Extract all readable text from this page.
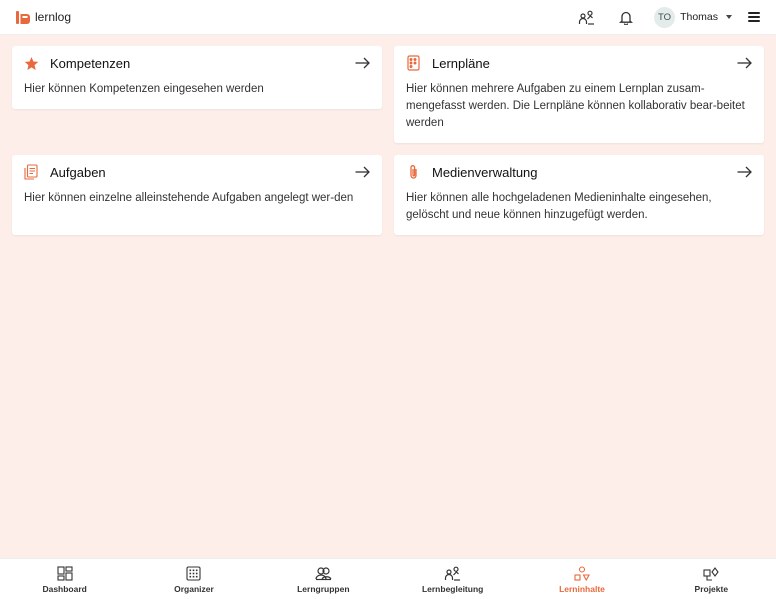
lernlog	TO Thomas
Kompetenzen

Hier können Kompetenzen eingesehen werden

Lernpläne

Hier können mehrere Aufgaben zu einem Lernplan zusam-mengefasst werden. Die Lernpläne können kollaborativ bear-beitet werden

Aufgaben

Hier können einzelne alleinstehende Aufgaben angelegt wer-den

Medienverwaltung

Hier können alle hochgeladenen Medieninhalte eingesehen, gelöscht und neue können hinzugefügt werden.

Dashboard	Organizer	Lerngruppen	Lernbegleitung	Lerninhalte	Projekte
